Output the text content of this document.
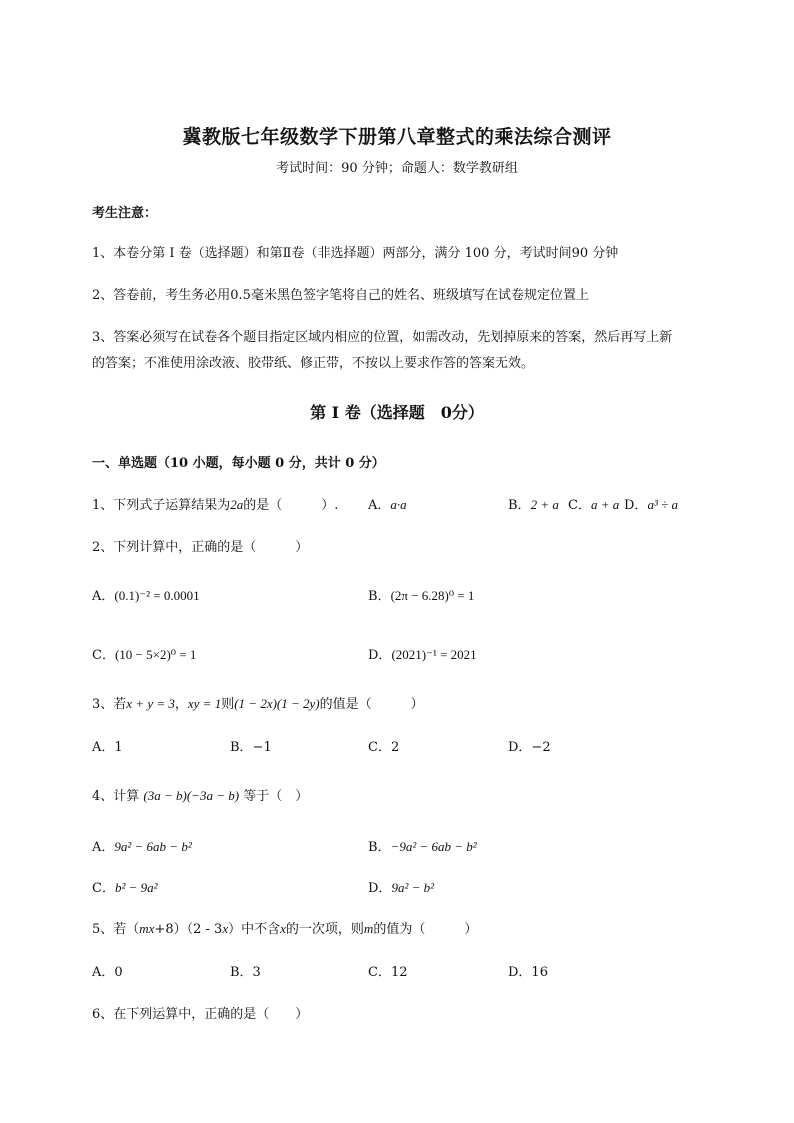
冀教版七年级数学下册第八章整式的乘法综合测评
考试时间：90 分钟；命题人：数学教研组
考生注意：
1、本卷分第 I 卷（选择题）和第Ⅱ卷（非选择题）两部分，满分 100 分，考试时间90 分钟
2、答卷前，考生务必用0.5毫米黑色签字笔将自己的姓名、班级填写在试卷规定位置上
3、答案必须写在试卷各个题目指定区域内相应的位置，如需改动，先划掉原来的答案，然后再写上新
的答案；不准使用涂改液、胶带纸、修正带，不按以上要求作答的答案无效。
第 I 卷（选择题　0分）
一、单选题（10 小题，每小题 0 分，共计 0 分）
1、下列式子运算结果为2a的是（　　　）. A．a·a	B．2 + a C．a + a D．a³ ÷ a
2、下列计算中，正确的是（　　　）
A．(0.1)⁻² = 0.0001	B．(2π − 6.28)⁰ = 1
C．(10 − 5×2)⁰ = 1	D．(2021)⁻¹ = 2021
3、若x + y = 3，xy = 1则(1 − 2x)(1 − 2y)的值是（　　　）
A．1	B．−1	C．2	D．−2
4、计算 (3a − b)(−3a − b) 等于（　）
A．9a² − 6ab − b²	B．−9a² − 6ab − b²
C．b² − 9a²	D．9a² − b²
5、若（mx+8）（2 - 3x）中不含x的一次项，则m的值为（　　　）
A．0	B．3	C．12	D．16
6、在下列运算中，正确的是（　　）
